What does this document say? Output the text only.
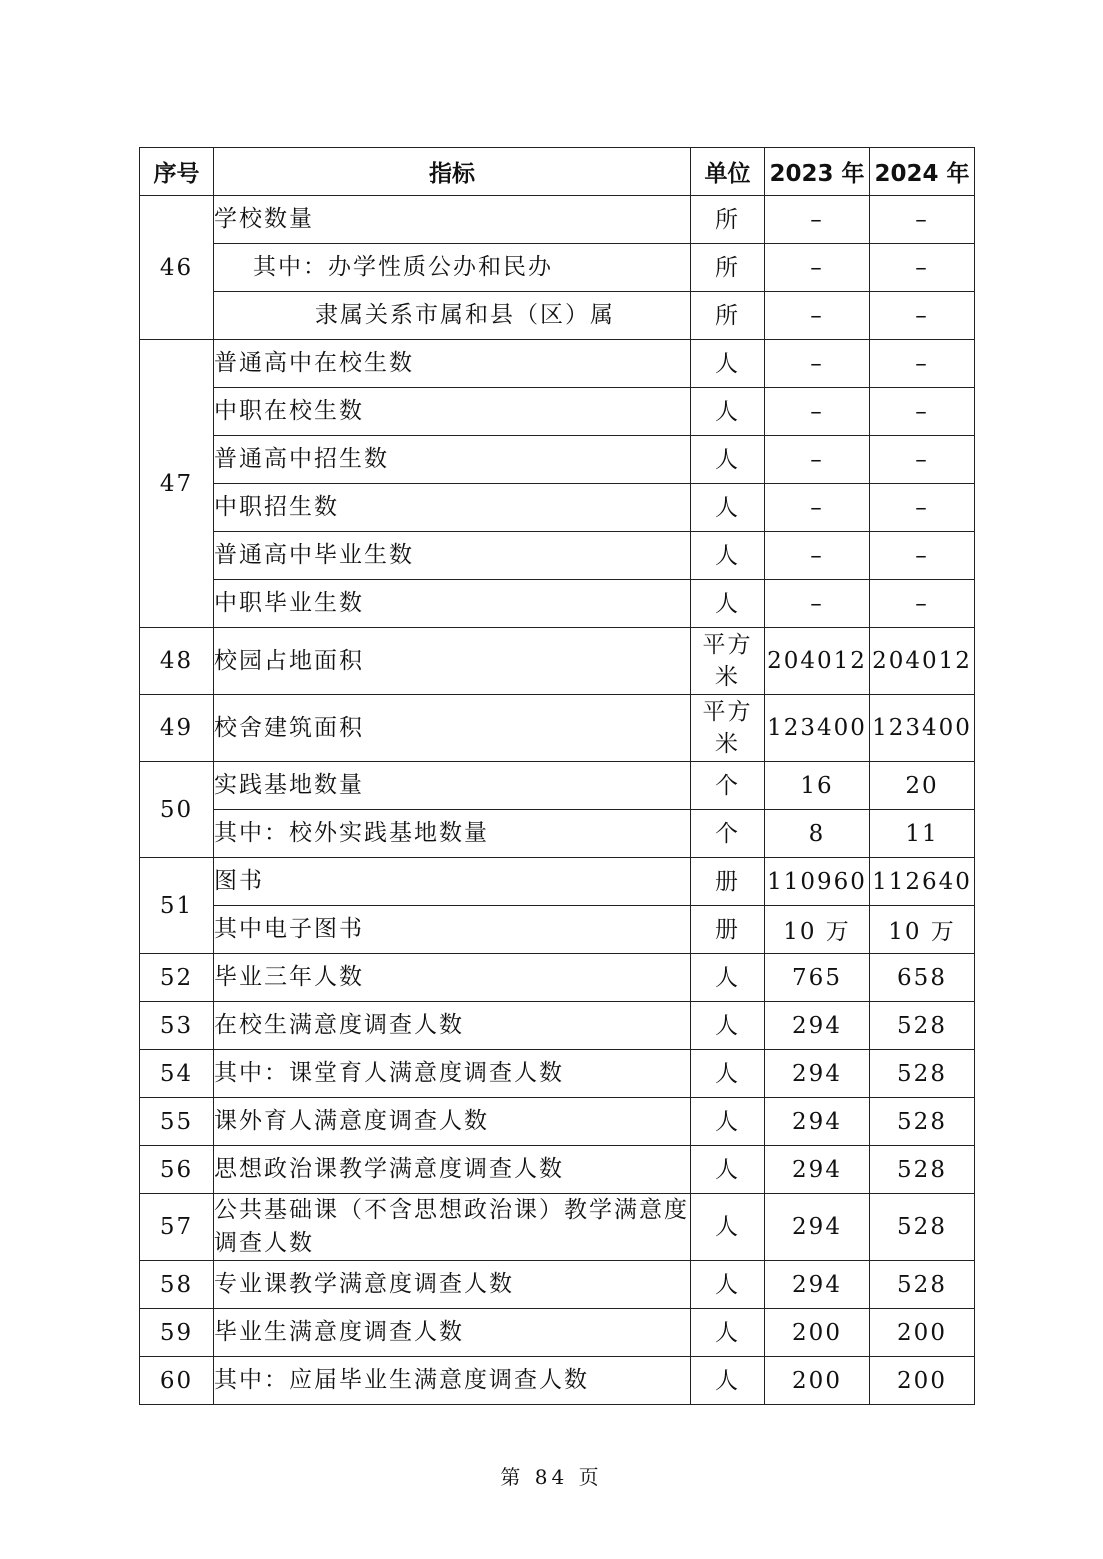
序号	指标	单位	2023 年	2024 年
46	学校数量	所	–	–
	其中：办学性质公办和民办	所	–	–
	隶属关系市属和县（区）属	所	–	–
47	普通高中在校生数	人	–	–
	中职在校生数	人	–	–
	普通高中招生数	人	–	–
	中职招生数	人	–	–
	普通高中毕业生数	人	–	–
	中职毕业生数	人	–	–
48	校园占地面积	平方米	204012	204012
49	校舍建筑面积	平方米	123400	123400
50	实践基地数量	个	16	20
	其中：校外实践基地数量	个	8	11
51	图书	册	110960	112640
	其中电子图书	册	10 万	10 万
52	毕业三年人数	人	765	658
53	在校生满意度调查人数	人	294	528
54	其中：课堂育人满意度调查人数	人	294	528
55	课外育人满意度调查人数	人	294	528
56	思想政治课教学满意度调查人数	人	294	528
57	公共基础课（不含思想政治课）教学满意度调查人数	人	294	528
58	专业课教学满意度调查人数	人	294	528
59	毕业生满意度调查人数	人	200	200
60	其中：应届毕业生满意度调查人数	人	200	200
第 84 页
